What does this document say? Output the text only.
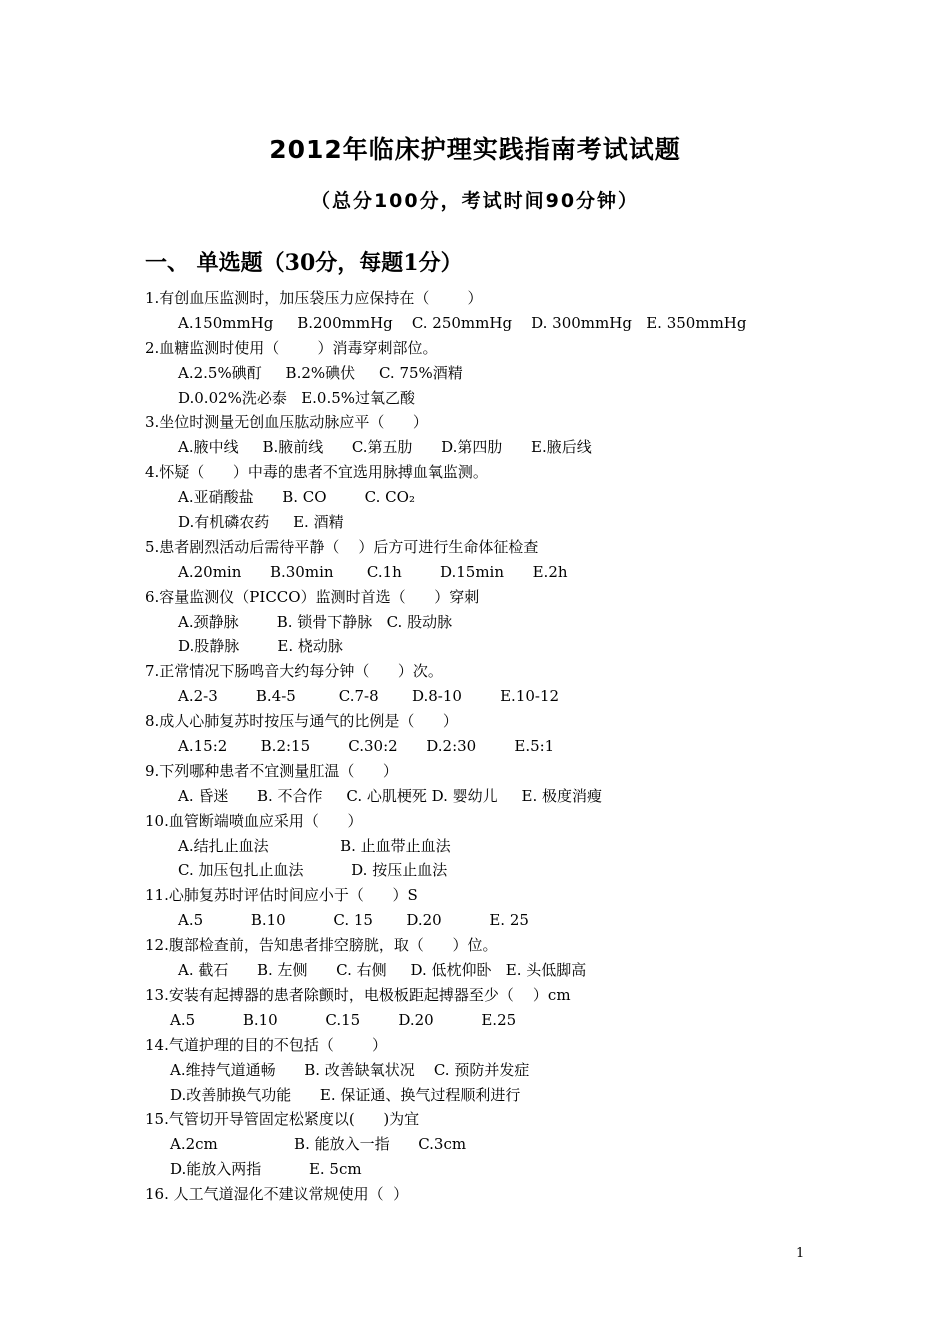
2012年临床护理实践指南考试试题
（总分100分，考试时间90分钟）
一、 单选题（30分，每题1分）
1.有创血压监测时，加压袋压力应保持在（        ）
A.150mmHg     B.200mmHg    C. 250mmHg    D. 300mmHg   E. 350mmHg
2.血糖监测时使用（        ）消毒穿刺部位。
A.2.5%碘酊     B.2%碘伏     C. 75%酒精
D.0.02%洗必泰   E.0.5%过氧乙酸
3.坐位时测量无创血压肱动脉应平（      ）
A.腋中线     B.腋前线      C.第五肋      D.第四肋      E.腋后线
4.怀疑（      ）中毒的患者不宜选用脉搏血氧监测。
A.亚硝酸盐      B. CO        C. CO₂
D.有机磷农药     E. 酒精
5.患者剧烈活动后需待平静（    ）后方可进行生命体征检查
A.20min      B.30min       C.1h        D.15min      E.2h
6.容量监测仪（PICCO）监测时首选（      ）穿刺
A.颈静脉        B. 锁骨下静脉   C. 股动脉
D.股静脉        E. 桡动脉
7.正常情况下肠鸣音大约每分钟（      ）次。
A.2-3        B.4-5         C.7-8       D.8-10        E.10-12
8.成人心肺复苏时按压与通气的比例是（      ）
A.15:2       B.2:15        C.30:2      D.2:30        E.5:1
9.下列哪种患者不宜测量肛温（      ）
A. 昏迷      B. 不合作     C. 心肌梗死 D. 婴幼儿     E. 极度消瘦
10.血管断端喷血应采用（      ）
A.结扎止血法               B. 止血带止血法
C. 加压包扎止血法          D. 按压止血法
11.心肺复苏时评估时间应小于（      ）S
A.5          B.10          C. 15       D.20          E. 25
12.腹部检查前，告知患者排空膀胱，取（      ）位。
A. 截石      B. 左侧      C. 右侧     D. 低枕仰卧   E. 头低脚高
13.安装有起搏器的患者除颤时，电极板距起搏器至少（    ）cm
A.5          B.10          C.15        D.20          E.25
14.气道护理的目的不包括（        ）
A.维持气道通畅      B. 改善缺氧状况    C. 预防并发症
D.改善肺换气功能      E. 保证通、换气过程顺利进行
15.气管切开导管固定松紧度以(      )为宜
A.2cm                B. 能放入一指      C.3cm
D.能放入两指          E. 5cm
16. 人工气道湿化不建议常规使用（  ）
1
